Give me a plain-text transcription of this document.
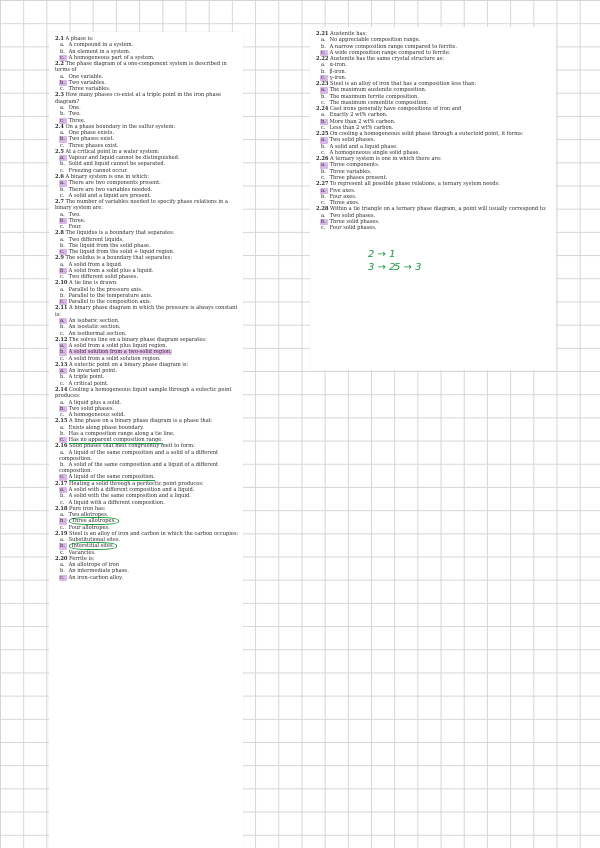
2.1 A phase is:

a. A compound in a system.

b. An element in a system.

c. A homogeneous part of a system.

2.2 The phase diagram of a one-component system is described in terms of

a. One variable.

b. Two variables.

c. Three variables.

2.3 How many phases co-exist at a triple point in the iron phase diagram?

a. One.

b. Two.

c. Three.

2.4 On a phase boundary in the sulfur system:

a. One phase exists.

b. Two phases exist.

c. Three phases exist.

2.5 At a critical point in a water system:

a. Vapour and liquid cannot be distinguished.

b. Solid and liquid cannot be separated.

c. Freezing cannot occur.

2.6 A binary system is one in which:

a. There are two components present.

b. There are two variables needed.

c. A solid and a liquid are present.

2.7 The number of variables needed to specify phase relations in a binary system are:

a. Two.

b. Three.

c. Four.

2.8 The liquidus is a boundary that separates:

a. Two different liquids.

b. The liquid from the solid phase.

c. The liquid from the solid + liquid region.

2.9 The solidus is a boundary that separates:

a. A solid from a liquid.

b. A solid from a solid plus a liquid.

c. Two different solid phases.

2.10 A tie line is drawn:

a. Parallel to the pressure axis.

b. Parallel to the temperature axis.

c. Parallel to the composition axis.

2.11 A binary phase diagram in which the pressure is always constant is:

a. An isobaric section.

b. An isostatic section.

c. An isothermal section.

2.12 The solvus line on a binary phase diagram separates:

a. A solid from a solid plus liquid region.

b. A solid solution from a two-solid region.

c. A solid from a solid solution region.

2.13 A eutectic point on a binary phase diagram is:

a. An invariant point.

b. A triple point.

c. A critical point.

2.14 Cooling a homogeneous liquid sample through a eutectic point produces:

a. A liquid plus a solid.

b. Two solid phases.

c. A homogeneous solid.

2.15 A line phase on a binary phase diagram is a phase that:

a. Exists along phase boundary.

b. Has a composition range along a tie line.

c. Has no apparent composition range.

2.16 Solid phases that melt congruently melt to form:

a. A liquid of the same composition and a solid of a different composition.

b. A solid of the same composition and a liquid of a different composition.

c. A liquid of the same composition.

2.17 Heating a solid through a peritectic point produces:

a. A solid with a different composition and a liquid.

b. A solid with the same composition and a liquid.

c. A liquid with a different composition.

2.18 Pure iron has:

a. Two allotropes.

b. Three allotropes.

c. Four allotropes.

2.19 Steel is an alloy of iron and carbon in which the carbon occupies:

a. Substitutional sites.

b. Interstitial sites.

c. Vacancies.

2.20 Ferrite is:

a. An allotrope of iron

b. An intermediate phase.

c. An iron–carbon alloy.

2.21 Austenite has:

a. No appreciable composition range.

b. A narrow composition range compared to ferrite.

c. A wide composition range compared to ferrite.

2.22 Austenite has the same crystal structure as:

a. α-iron.

b. β-iron.

c. γ-iron.

2.23 Steel is an alloy of iron that has a composition less than:

a. The maximum austenite composition.

b. The maximum ferrite composition.

c. The maximum cementite composition.

2.24 Cast irons generally have compositions of iron and

a. Exactly 2 wt% carbon.

b. More than 2 wt% carbon.

c. Less than 2 wt% carbon.

2.25 On cooling a homogeneous solid phase through a eutectoid point, it forms:

a. Two solid phases.

b. A solid and a liquid phase.

c. A homogeneous single solid phase.

2.26 A ternary system is one in which there are:

a. Three components.

b. Three variables.

c. Three phases present.

2.27 To represent all possible phase relations, a ternary system needs:

a. Five axes.

b. Four axes.

c. Three axes.

2.28 Within a tie triangle on a ternary phase diagram, a point will usually correspond to:

a. Two solid phases.

b. Three solid phases.

c. Four solid phases.

2 → 1
3 → 2
5 → 3
